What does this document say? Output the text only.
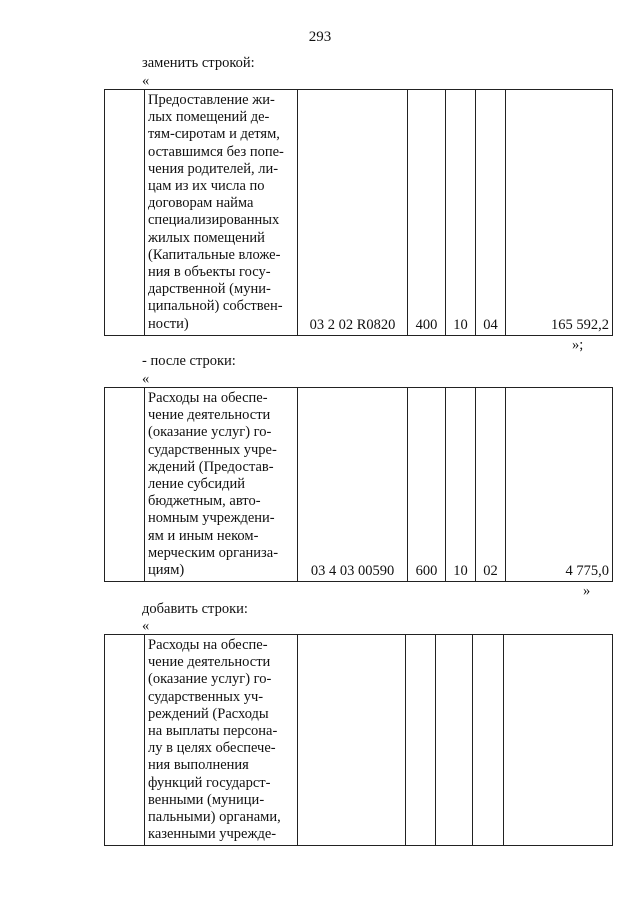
293
заменить строкой:
«

Предоставление жи-
лых помещений де-
тям-сиротам и детям,
оставшимся без попе-
чения родителей, ли-
цам из их числа по
договорам найма
специализированных
жилых помещений
(Капитальные вложе-
ния в объекты госу-
дарственной (муни-
ципальной) собствен-
ности)	03 2 02 R0820	400	10	04	165 592,2
»;
- после строки:
«

Расходы на обеспе-
чение деятельности
(оказание услуг) го-
сударственных учре-
ждений (Предостав-
ление субсидий
бюджетным, авто-
номным учреждени-
ям и иным неком-
мерческим организа-
циям)	03 4 03 00590	600	10	02	4 775,0
»
добавить строки:
«

Расходы на обеспе-
чение деятельности
(оказание услуг) го-
сударственных уч-
реждений (Расходы
на выплаты персона-
лу в целях обеспече-
ния выполнения
функций государст-
венными (муници-
пальными) органами,
казенными учрежде-
